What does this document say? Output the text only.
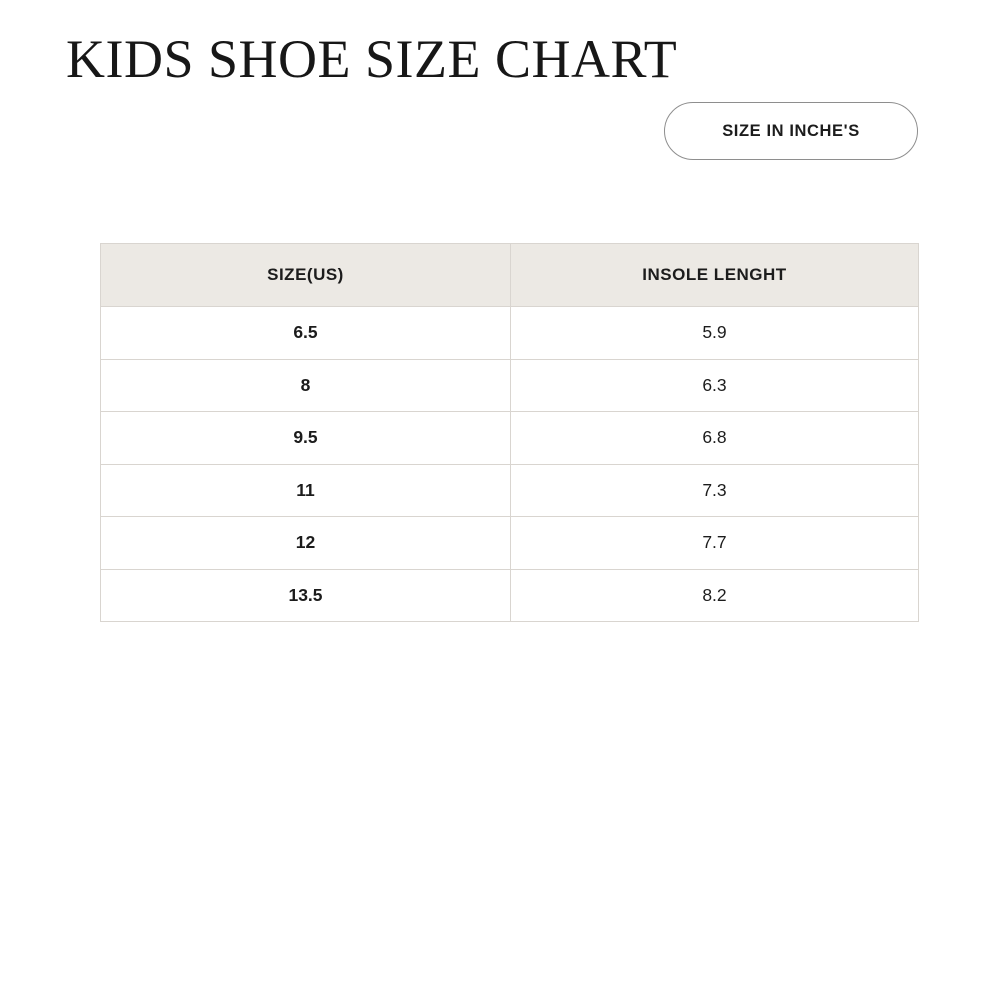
KIDS SHOE SIZE CHART
SIZE IN INCHE'S
SIZE(US)	INSOLE LENGHT
6.5	5.9
8	6.3
9.5	6.8
11	7.3
12	7.7
13.5	8.2
